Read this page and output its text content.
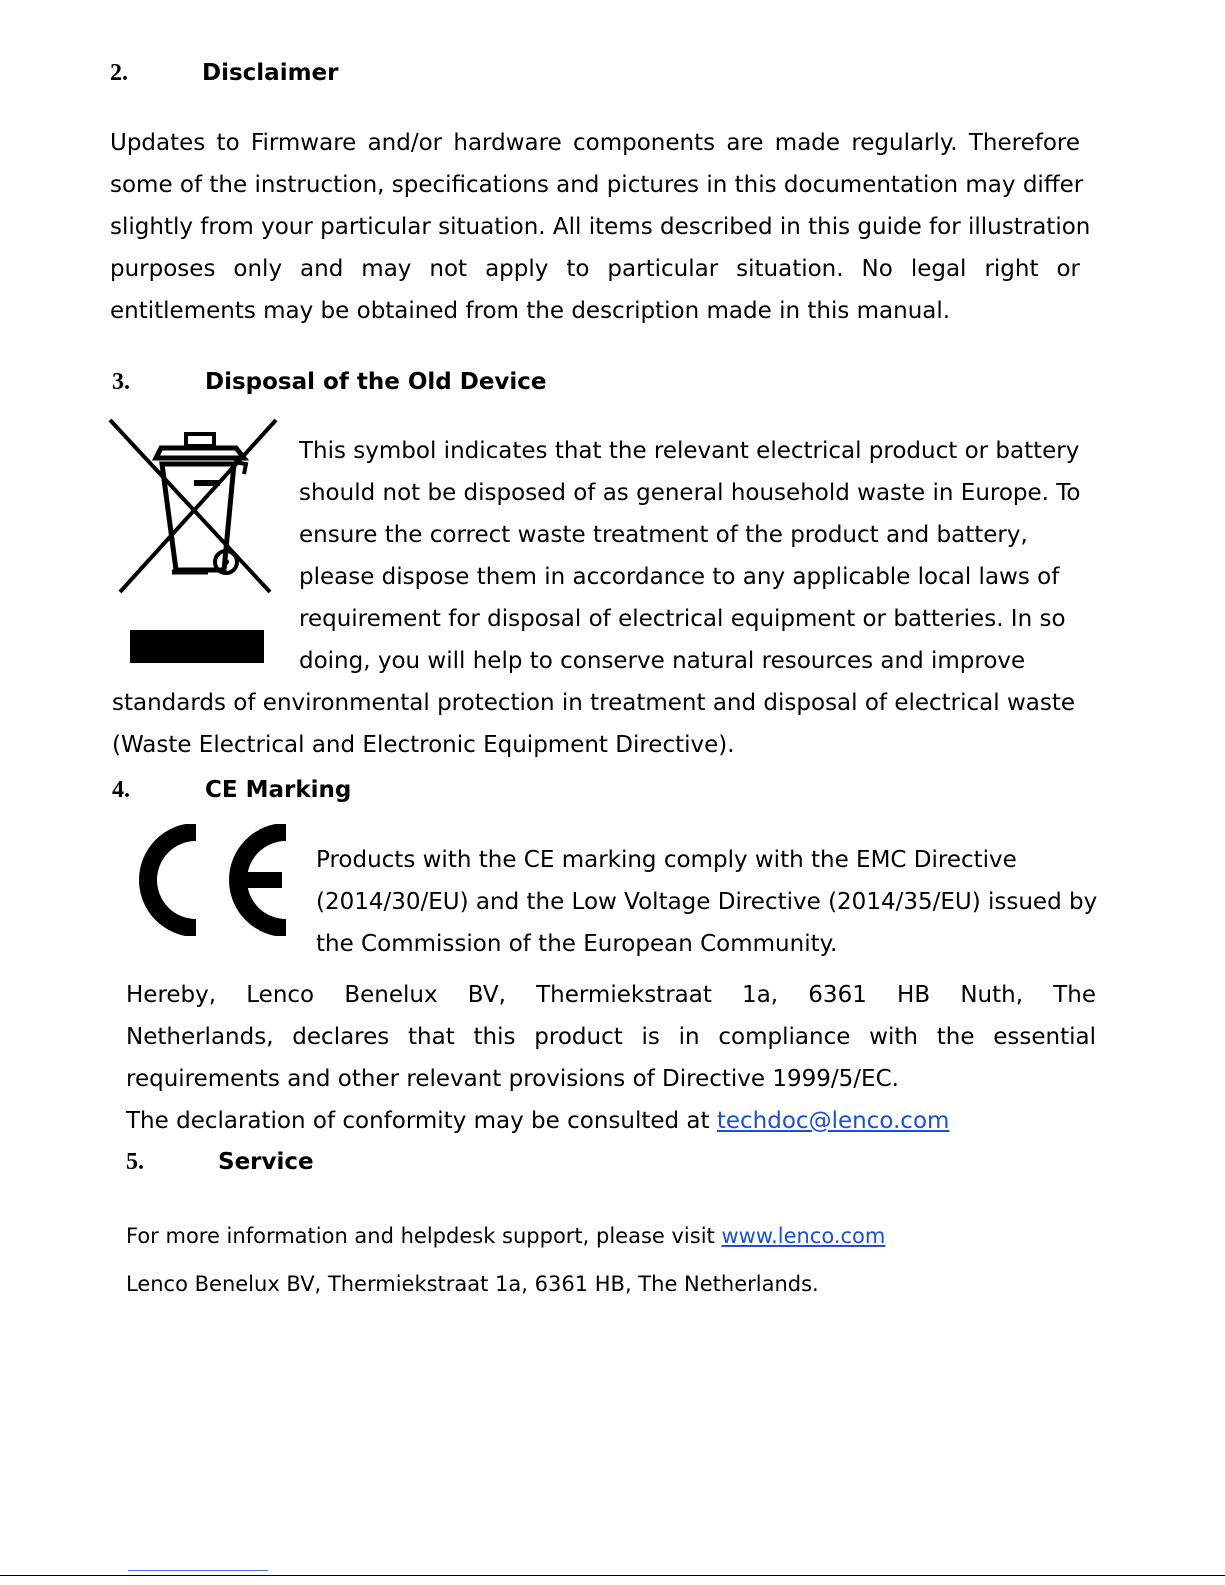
2.	Disclaimer
Updates to Firmware and/or hardware components are made regularly. Therefore
some of the instruction, specifications and pictures in this documentation may differ
slightly from your particular situation. All items described in this guide for illustration
purposes only and may not apply to particular situation. No legal right or
entitlements may be obtained from the description made in this manual.
3.	Disposal of the Old Device
This symbol indicates that the relevant electrical product or battery
should not be disposed of as general household waste in Europe. To
ensure the correct waste treatment of the product and battery,
please dispose them in accordance to any applicable local laws of
requirement for disposal of electrical equipment or batteries. In so
doing, you will help to conserve natural resources and improve
standards of environmental protection in treatment and disposal of electrical waste
(Waste Electrical and Electronic Equipment Directive).
4.	CE Marking
Products with the CE marking comply with the EMC Directive
(2014/30/EU) and the Low Voltage Directive (2014/35/EU) issued by
the Commission of the European Community.
Hereby, Lenco Benelux BV, Thermiekstraat 1a, 6361 HB Nuth, The
Netherlands, declares that this product is in compliance with the essential
requirements and other relevant provisions of Directive 1999/5/EC.
The declaration of conformity may be consulted at techdoc@lenco.com
5.	Service
For more information and helpdesk support, please visit www.lenco.com
Lenco Benelux BV, Thermiekstraat 1a, 6361 HB, The Netherlands.
